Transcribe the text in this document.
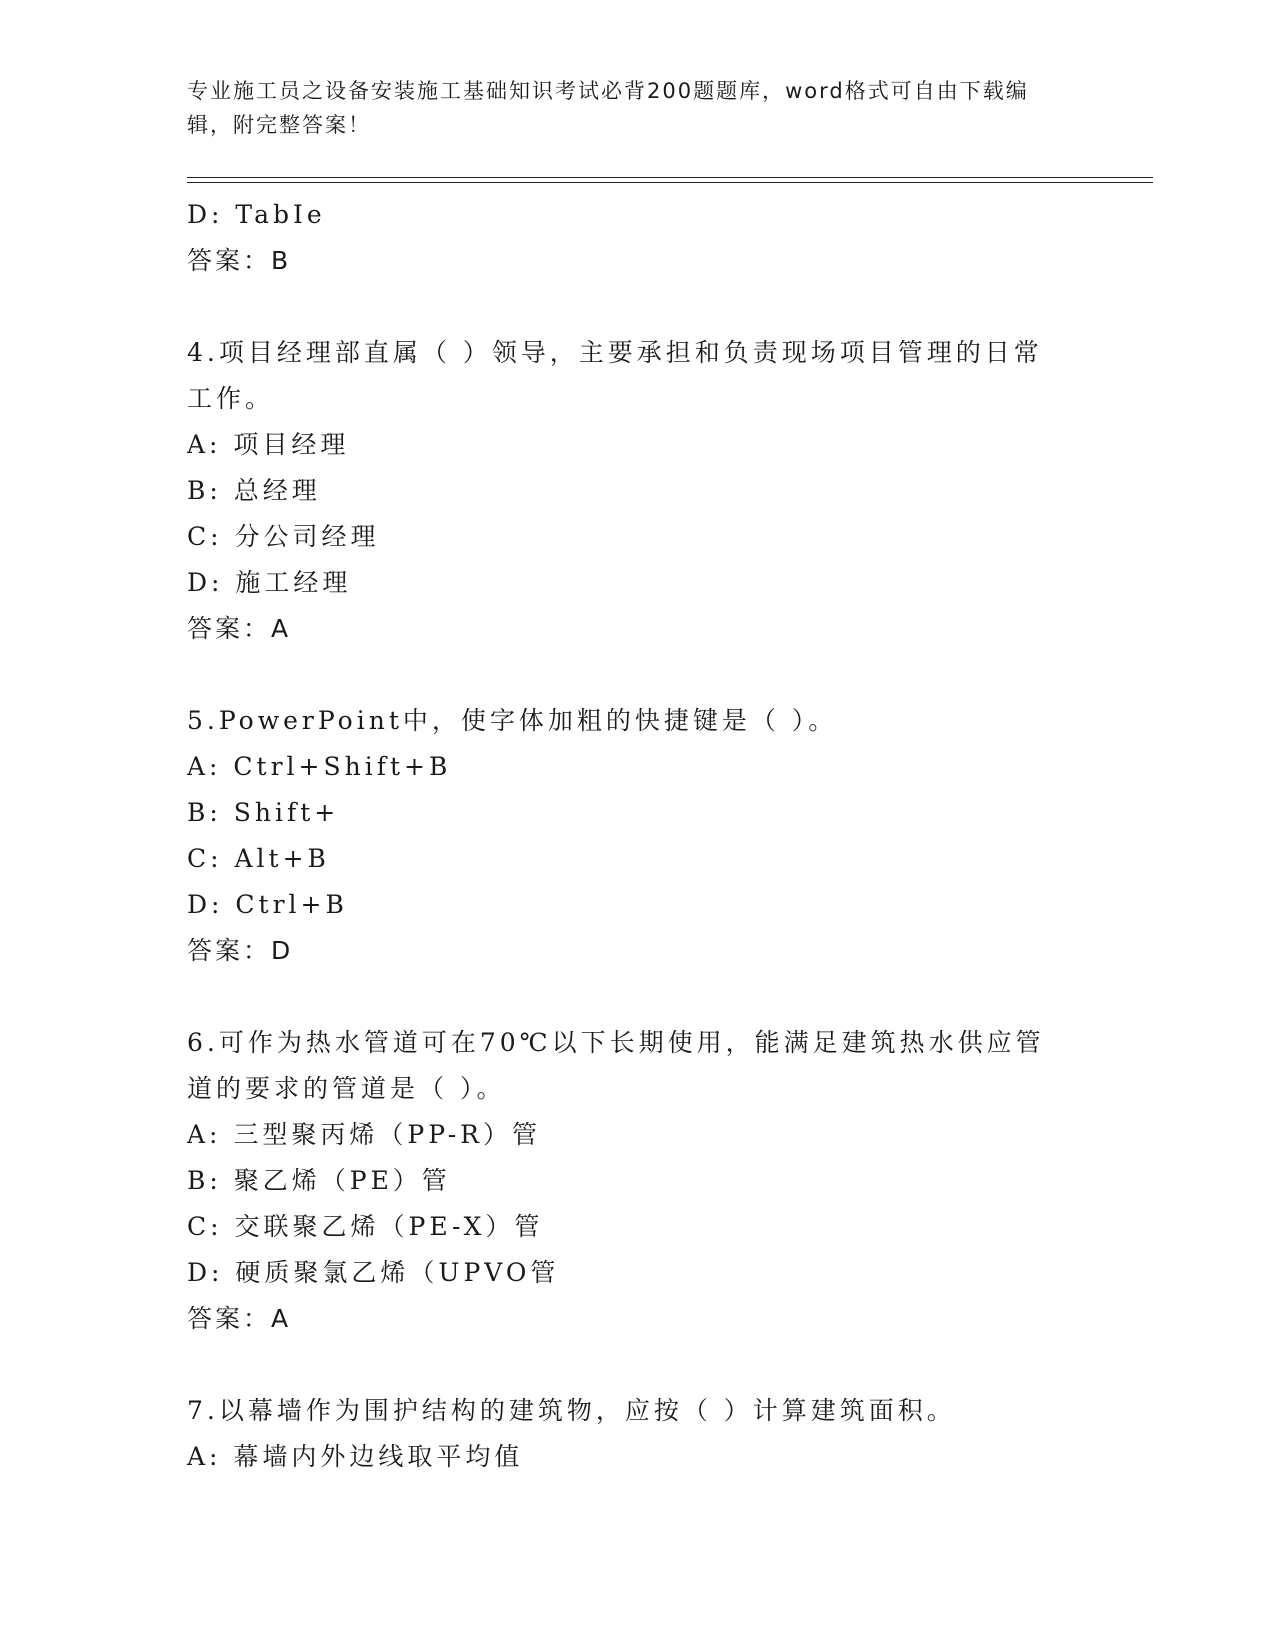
专业施工员之设备安装施工基础知识考试必背200题题库，word格式可自由下载编辑，附完整答案！
D: TabIe
答案：B
4.项目经理部直属（ ）领导，主要承担和负责现场项目管理的日常工作。
A: 项目经理
B: 总经理
C: 分公司经理
D: 施工经理
答案：A
5.PowerPoint中，使字体加粗的快捷键是（ ）。
A: Ctrl+Shift+B
B: Shift+
C: Alt+B
D: Ctrl+B
答案：D
6.可作为热水管道可在70℃以下长期使用，能满足建筑热水供应管道的要求的管道是（ ）。
A: 三型聚丙烯（PP-R）管
B: 聚乙烯（PE）管
C: 交联聚乙烯（PE-X）管
D: 硬质聚氯乙烯（UPVO管
答案：A
7.以幕墙作为围护结构的建筑物，应按（ ）计算建筑面积。
A: 幕墙内外边线取平均值
